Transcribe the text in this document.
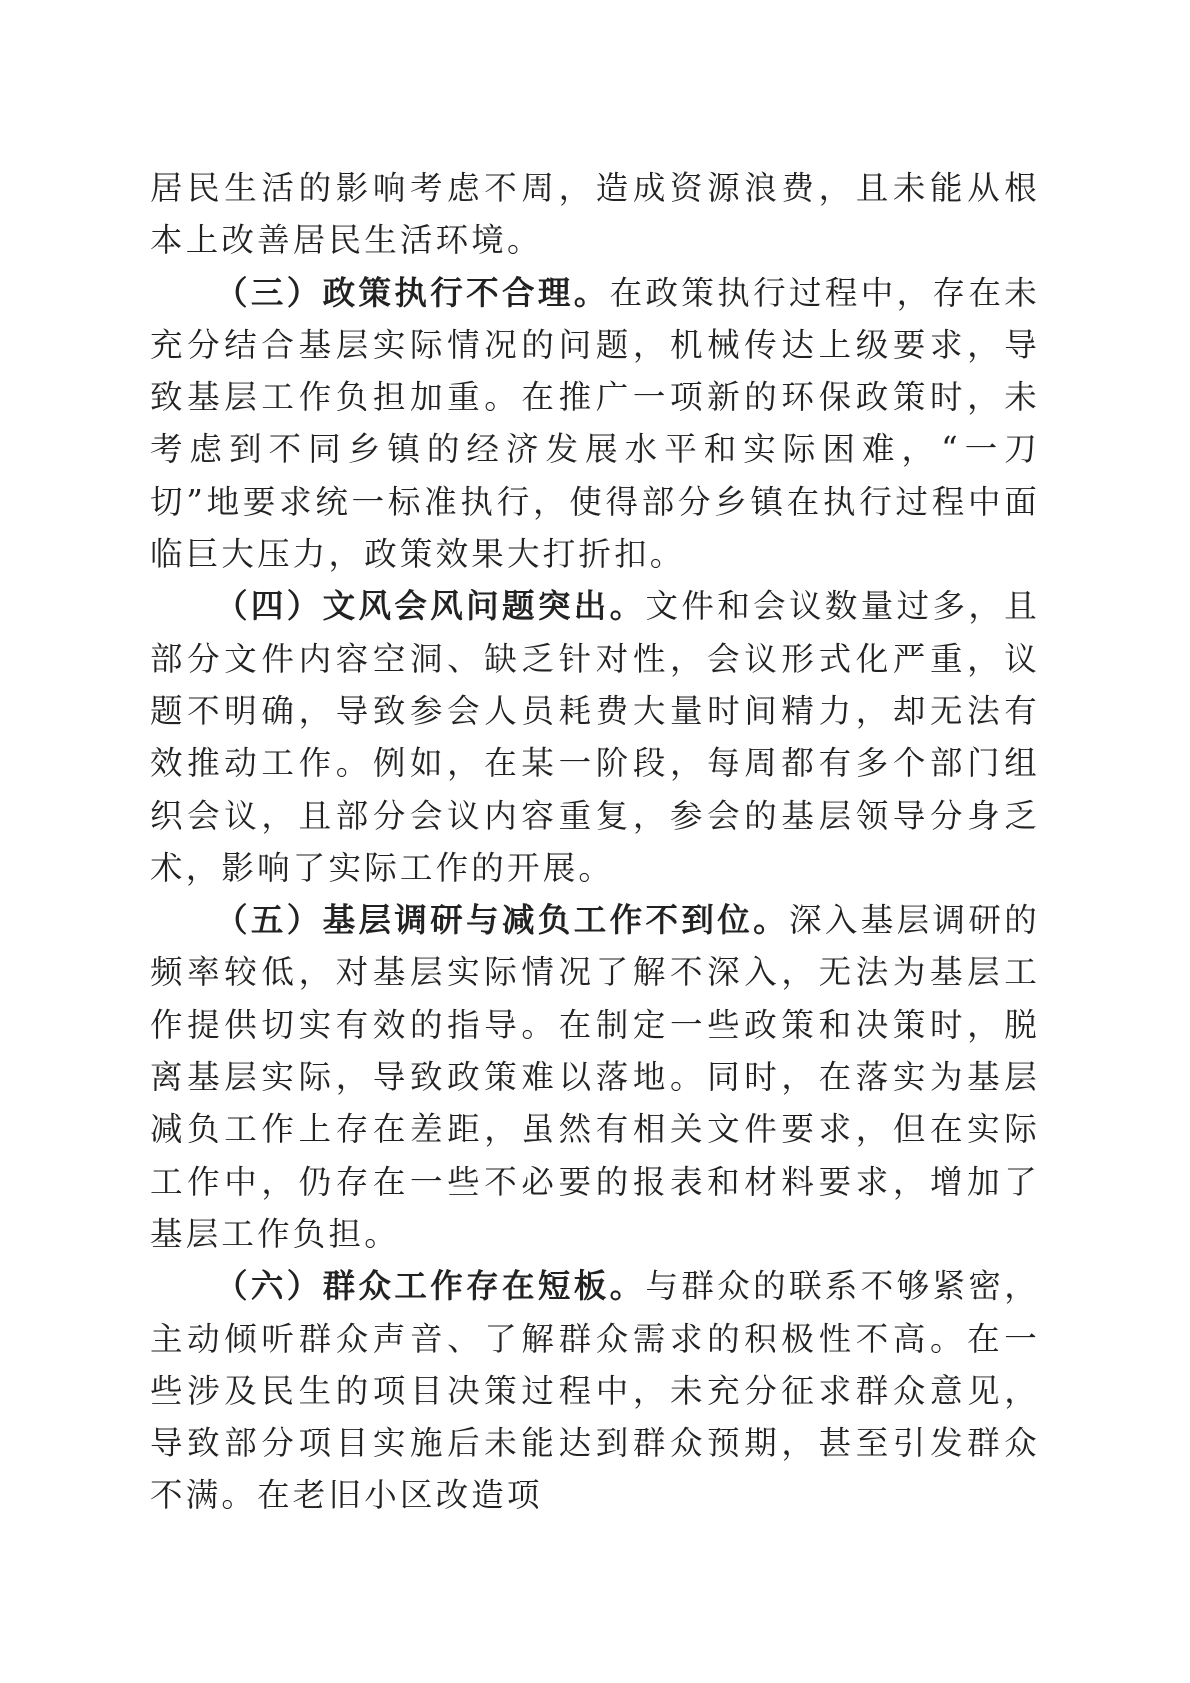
居民生活的影响考虑不周，造成资源浪费，且未能从根本上改善居民生活环境。

（三）政策执行不合理。在政策执行过程中，存在未充分结合基层实际情况的问题，机械传达上级要求，导致基层工作负担加重。在推广一项新的环保政策时，未考虑到不同乡镇的经济发展水平和实际困难，“一刀切”地要求统一标准执行，使得部分乡镇在执行过程中面临巨大压力，政策效果大打折扣。

（四）文风会风问题突出。文件和会议数量过多，且部分文件内容空洞、缺乏针对性，会议形式化严重，议题不明确，导致参会人员耗费大量时间精力，却无法有效推动工作。例如，在某一阶段，每周都有多个部门组织会议，且部分会议内容重复，参会的基层领导分身乏术，影响了实际工作的开展。

（五）基层调研与减负工作不到位。深入基层调研的频率较低，对基层实际情况了解不深入，无法为基层工作提供切实有效的指导。在制定一些政策和决策时，脱离基层实际，导致政策难以落地。同时，在落实为基层减负工作上存在差距，虽然有相关文件要求，但在实际工作中，仍存在一些不必要的报表和材料要求，增加了基层工作负担。

（六）群众工作存在短板。与群众的联系不够紧密，主动倾听群众声音、了解群众需求的积极性不高。在一些涉及民生的项目决策过程中，未充分征求群众意见，导致部分项目实施后未能达到群众预期，甚至引发群众不满。在老旧小区改造项
